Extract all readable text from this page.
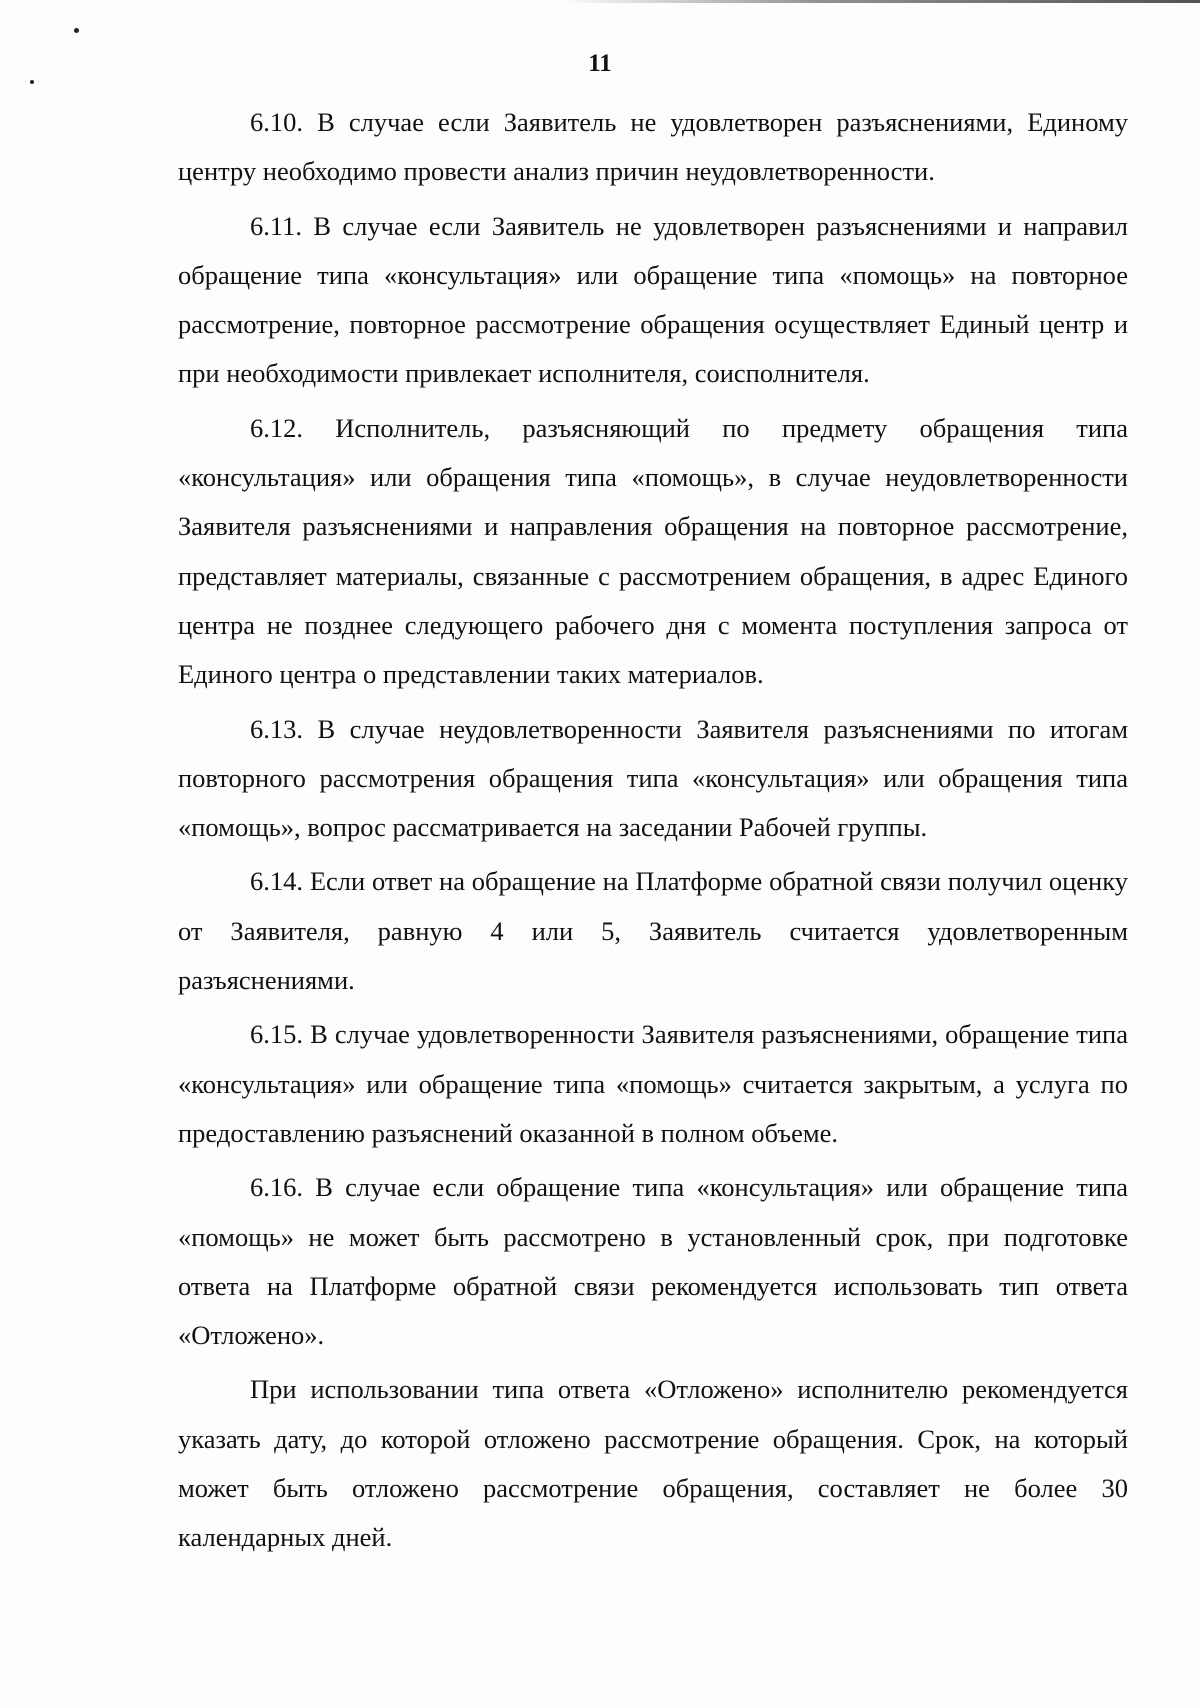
11

6.10. В случае если Заявитель не удовлетворен разъяснениями, Единому центру необходимо провести анализ причин неудовлетворенности.

6.11. В случае если Заявитель не удовлетворен разъяснениями и направил обращение типа «консультация» или обращение типа «помощь» на повторное рассмотрение, повторное рассмотрение обращения осуществляет Единый центр и при необходимости привлекает исполнителя, соисполнителя.

6.12. Исполнитель, разъясняющий по предмету обращения типа «консультация» или обращения типа «помощь», в случае неудовлетворенности Заявителя разъяснениями и направления обращения на повторное рассмотрение, представляет материалы, связанные с рассмотрением обращения, в адрес Единого центра не позднее следующего рабочего дня с момента поступления запроса от Единого центра о представлении таких материалов.

6.13. В случае неудовлетворенности Заявителя разъяснениями по итогам повторного рассмотрения обращения типа «консультация» или обращения типа «помощь», вопрос рассматривается на заседании Рабочей группы.

6.14. Если ответ на обращение на Платформе обратной связи получил оценку от Заявителя, равную 4 или 5, Заявитель считается удовлетворенным разъяснениями.

6.15. В случае удовлетворенности Заявителя разъяснениями, обращение типа «консультация» или обращение типа «помощь» считается закрытым, а услуга по предоставлению разъяснений оказанной в полном объеме.

6.16. В случае если обращение типа «консультация» или обращение типа «помощь» не может быть рассмотрено в установленный срок, при подготовке ответа на Платформе обратной связи рекомендуется использовать тип ответа «Отложено».

При использовании типа ответа «Отложено» исполнителю рекомендуется указать дату, до которой отложено рассмотрение обращения. Срок, на который может быть отложено рассмотрение обращения, составляет не более 30 календарных дней.
